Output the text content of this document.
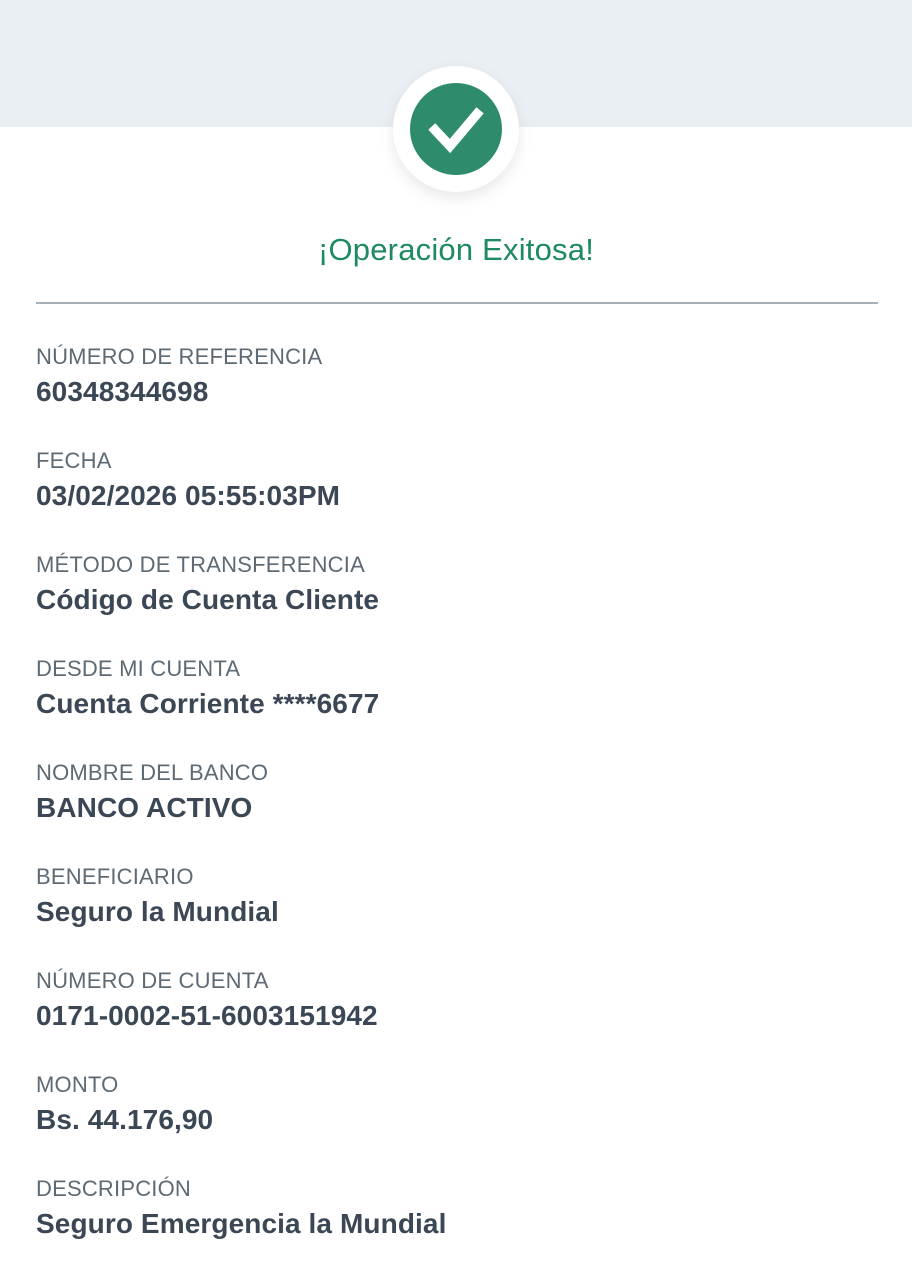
¡Operación Exitosa!
NÚMERO DE REFERENCIA
60348344698
FECHA
03/02/2026 05:55:03PM
MÉTODO DE TRANSFERENCIA
Código de Cuenta Cliente
DESDE MI CUENTA
Cuenta Corriente ****6677
NOMBRE DEL BANCO
BANCO ACTIVO
BENEFICIARIO
Seguro la Mundial
NÚMERO DE CUENTA
0171-0002-51-6003151942
MONTO
Bs. 44.176,90
DESCRIPCIÓN
Seguro Emergencia la Mundial
